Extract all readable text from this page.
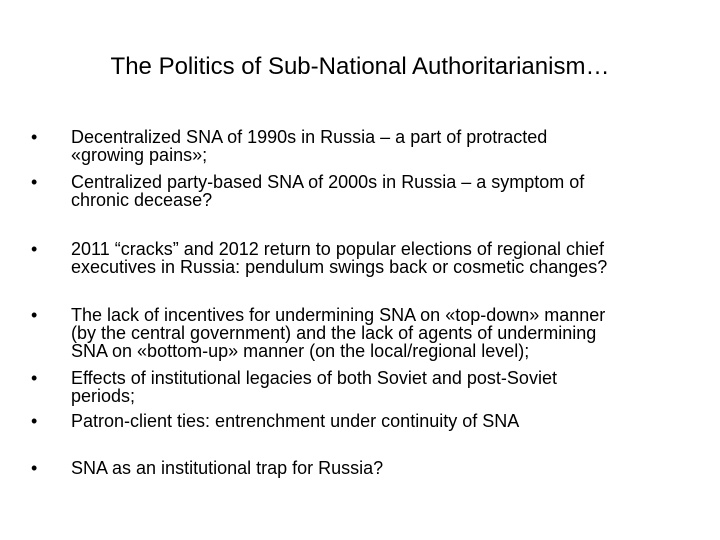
The Politics of Sub-National Authoritarianism…
•	Decentralized SNA of 1990s in Russia – a part of protracted
«growing pains»;
•	Centralized party-based SNA of 2000s in Russia – a symptom of
chronic decease?
•	2011 “cracks” and 2012 return to popular elections of regional chief
executives in Russia: pendulum swings back or cosmetic changes?
•	The lack of incentives for undermining SNA on «top-down» manner
(by the central government) and the lack of agents of undermining
SNA on «bottom-up» manner (on the local/regional level);
•	Effects of institutional legacies of both Soviet and post-Soviet
periods;
•	Patron-client ties: entrenchment under continuity of SNA
•	SNA as an institutional trap for Russia?
